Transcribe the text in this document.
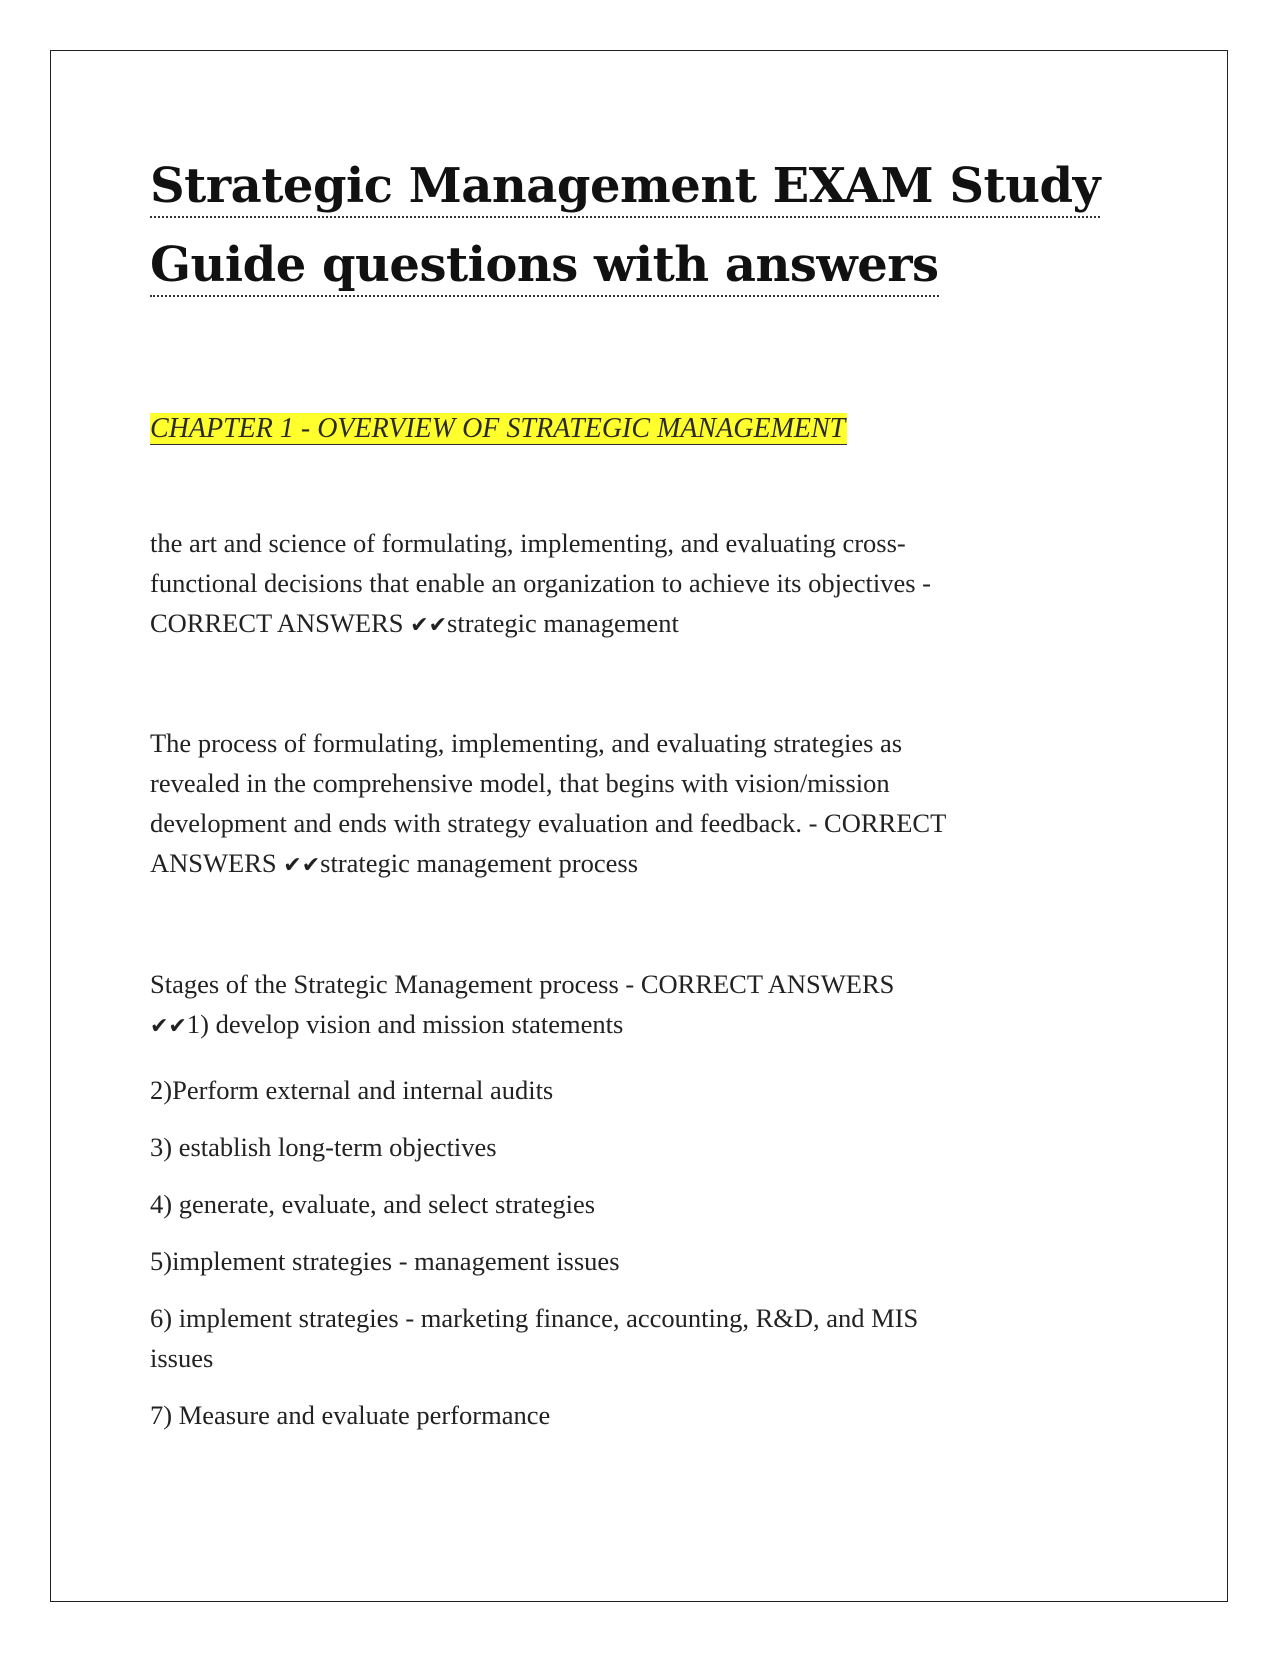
Strategic Management EXAM Study
Guide questions with answers

CHAPTER 1 - OVERVIEW OF STRATEGIC MANAGEMENT

the art and science of formulating, implementing, and evaluating cross-

functional decisions that enable an organization to achieve its objectives -

CORRECT ANSWERS ✔✔strategic management

The process of formulating, implementing, and evaluating strategies as

revealed in the comprehensive model, that begins with vision/mission

development and ends with strategy evaluation and feedback. - CORRECT

ANSWERS ✔✔strategic management process

Stages of the Strategic Management process - CORRECT ANSWERS

✔✔1) develop vision and mission statements

2)Perform external and internal audits

3) establish long-term objectives

4) generate, evaluate, and select strategies

5)implement strategies - management issues

6) implement strategies - marketing finance, accounting, R&D, and MIS

issues

7) Measure and evaluate performance
